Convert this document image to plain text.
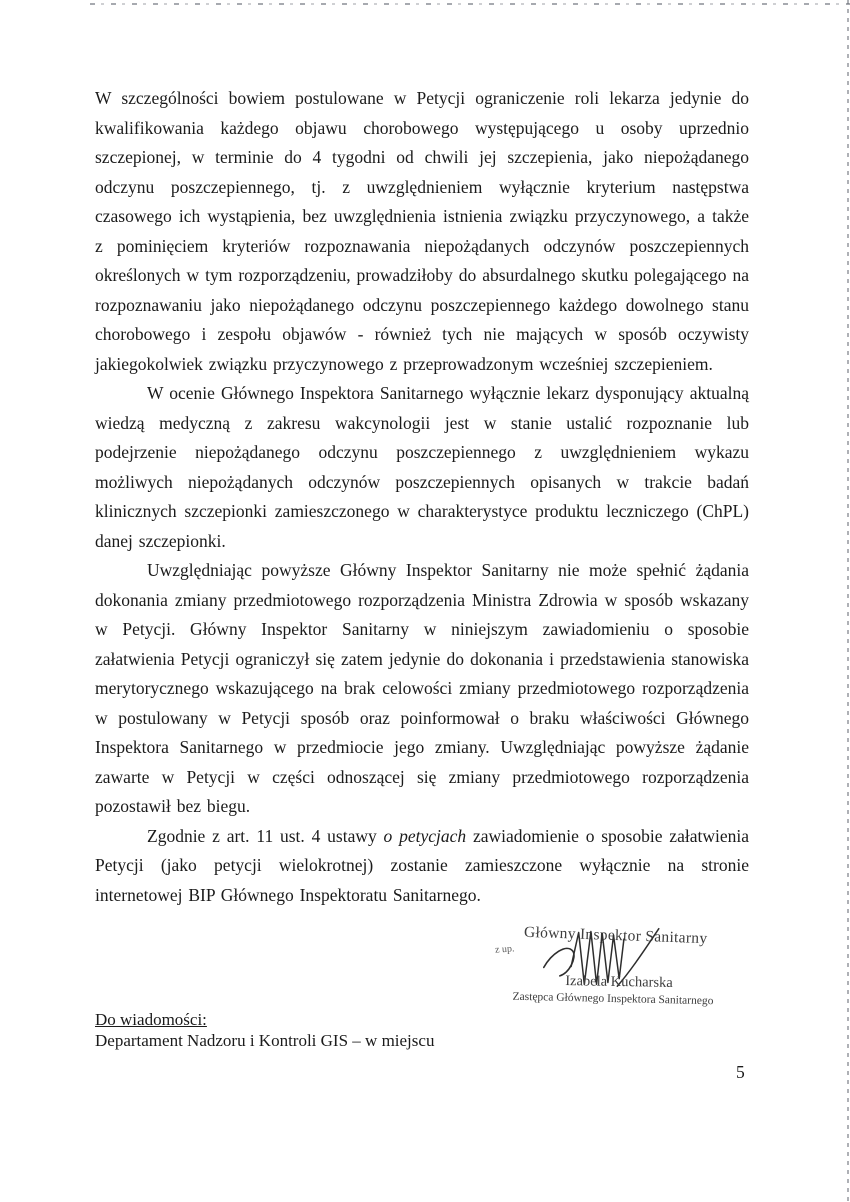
W szczególności bowiem postulowane w Petycji ograniczenie roli lekarza jedynie do kwalifikowania każdego objawu chorobowego występującego u osoby uprzednio szczepionej, w terminie do 4 tygodni od chwili jej szczepienia, jako niepożądanego odczynu poszczepiennego, tj. z uwzględnieniem wyłącznie kryterium następstwa czasowego ich wystąpienia, bez uwzględnienia istnienia związku przyczynowego, a także z pominięciem kryteriów rozpoznawania niepożądanych odczynów poszczepiennych określonych w tym rozporządzeniu, prowadziłoby do absurdalnego skutku polegającego na rozpoznawaniu jako niepożądanego odczynu poszczepiennego każdego dowolnego stanu chorobowego i zespołu objawów - również tych nie mających w sposób oczywisty jakiegokolwiek związku przyczynowego z przeprowadzonym wcześniej szczepieniem.

W ocenie Głównego Inspektora Sanitarnego wyłącznie lekarz dysponujący aktualną wiedzą medyczną z zakresu wakcynologii jest w stanie ustalić rozpoznanie lub podejrzenie niepożądanego odczynu poszczepiennego z uwzględnieniem wykazu możliwych niepożądanych odczynów poszczepiennych opisanych w trakcie badań klinicznych szczepionki zamieszczonego w charakterystyce produktu leczniczego (ChPL) danej szczepionki.

Uwzględniając powyższe Główny Inspektor Sanitarny nie może spełnić żądania dokonania zmiany przedmiotowego rozporządzenia Ministra Zdrowia w sposób wskazany w Petycji. Główny Inspektor Sanitarny w niniejszym zawiadomieniu o sposobie załatwienia Petycji ograniczył się zatem jedynie do dokonania i przedstawienia stanowiska merytorycznego wskazującego na brak celowości zmiany przedmiotowego rozporządzenia w postulowany w Petycji sposób oraz poinformował o braku właściwości Głównego Inspektora Sanitarnego w przedmiocie jego zmiany. Uwzględniając powyższe żądanie zawarte w Petycji w części odnoszącej się zmiany przedmiotowego rozporządzenia pozostawił bez biegu.

Zgodnie z art. 11 ust. 4 ustawy o petycjach zawiadomienie o sposobie załatwienia Petycji (jako petycji wielokrotnej) zostanie zamieszczone wyłącznie na stronie internetowej BIP Głównego Inspektoratu Sanitarnego.

Główny Inspektor Sanitarny
z up.
Izabela Kucharska
Zastępca Głównego Inspektora Sanitarnego
Do wiadomości:
Departament Nadzoru i Kontroli GIS – w miejscu
5
